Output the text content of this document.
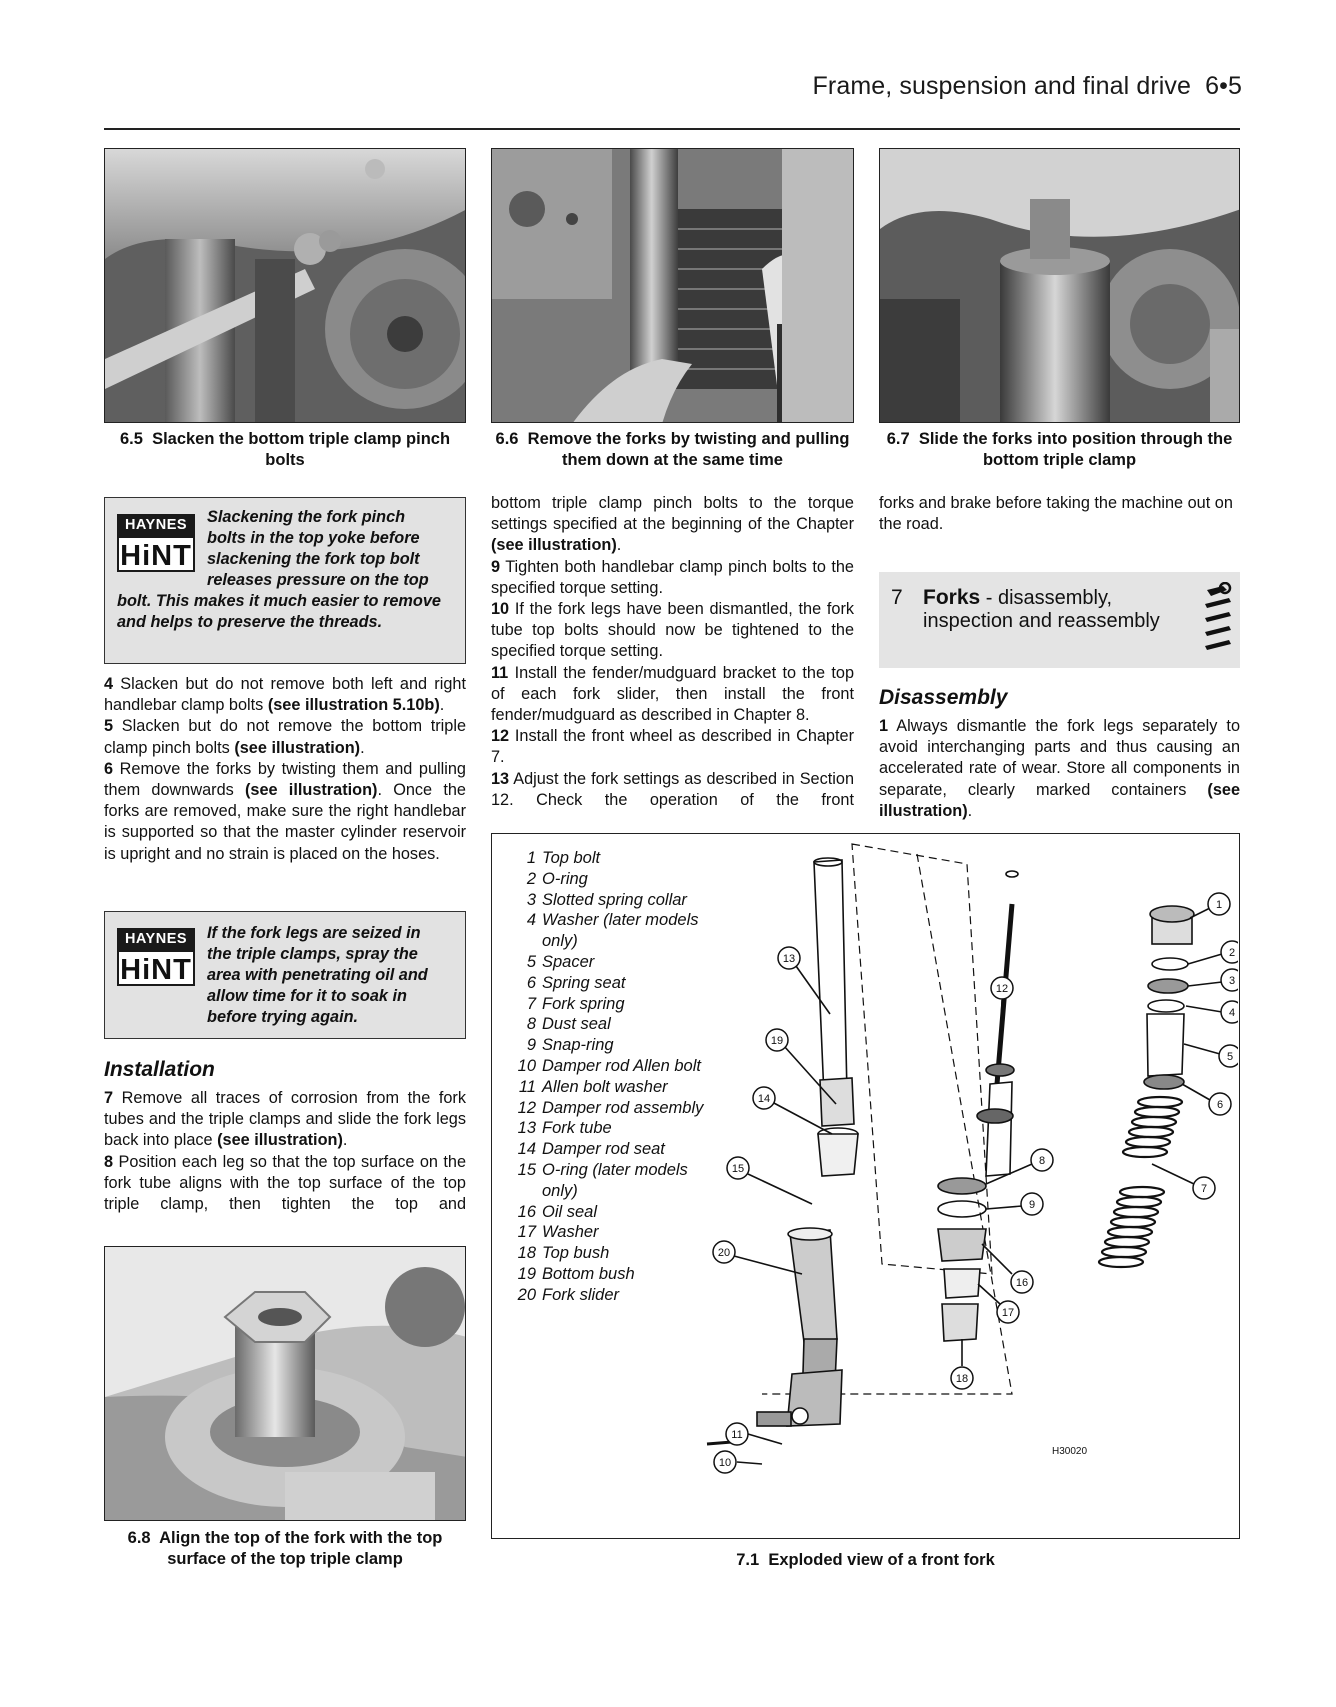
Frame, suspension and final drive 6•5
6.5 Slacken the bottom triple clamp pinch bolts
6.6 Remove the forks by twisting and pulling them down at the same time
6.7 Slide the forks into position through the bottom triple clamp
HAYNES
HiNT
Slackening the fork pinch bolts in the top yoke before slackening the fork top bolt releases pressure on the top bolt. This makes it much easier to remove and helps to preserve the threads.

4 Slacken but do not remove both left and right handlebar clamp bolts (see illustration 5.10b).

5 Slacken but do not remove the bottom triple clamp pinch bolts (see illustration).

6 Remove the forks by twisting them and pulling them downwards (see illustration). Once the forks are removed, make sure the right handlebar is supported so that the master cylinder reservoir is upright and no strain is placed on the hoses.

HAYNES
HiNT
If the fork legs are seized in the triple clamps, spray the area with penetrating oil and allow time for it to soak in before trying again.
Installation

7 Remove all traces of corrosion from the fork tubes and the triple clamps and slide the fork legs back into place (see illustration).

8 Position each leg so that the top surface on the fork tube aligns with the top surface of the top triple clamp, then tighten the top and

6.8 Align the top of the fork with the top surface of the top triple clamp

bottom triple clamp pinch bolts to the torque settings specified at the beginning of the Chapter (see illustration).

9 Tighten both handlebar clamp pinch bolts to the specified torque setting.

10 If the fork legs have been dismantled, the fork tube top bolts should now be tightened to the specified torque setting.

11 Install the fender/mudguard bracket to the top of each fork slider, then install the front fender/mudguard as described in Chapter 8.

12 Install the front wheel as described in Chapter 7.

13 Adjust the fork settings as described in Section 12. Check the operation of the front

forks and brake before taking the machine out on the road.

7 Forks - disassembly, inspection and reassembly
Disassembly

1 Always dismantle the fork legs separately to avoid interchanging parts and thus causing an accelerated rate of wear. Store all components in separate, clearly marked containers (see illustration).

1 Top bolt
2 O-ring
3 Slotted spring collar
4 Washer (later models only)
5 Spacer
6 Spring seat
7 Fork spring
8 Dust seal
9 Snap-ring
10 Damper rod Allen bolt
11 Allen bolt washer
12 Damper rod assembly
13 Fork tube
14 Damper rod seat
15 O-ring (later models only)
16 Oil seal
17 Washer
18 Top bush
19 Bottom bush
20 Fork slider
1
2
3
4
5
6
7
8
9
10
11
12
13
14
15
16
17
18
19
20
H30020
7.1 Exploded view of a front fork
